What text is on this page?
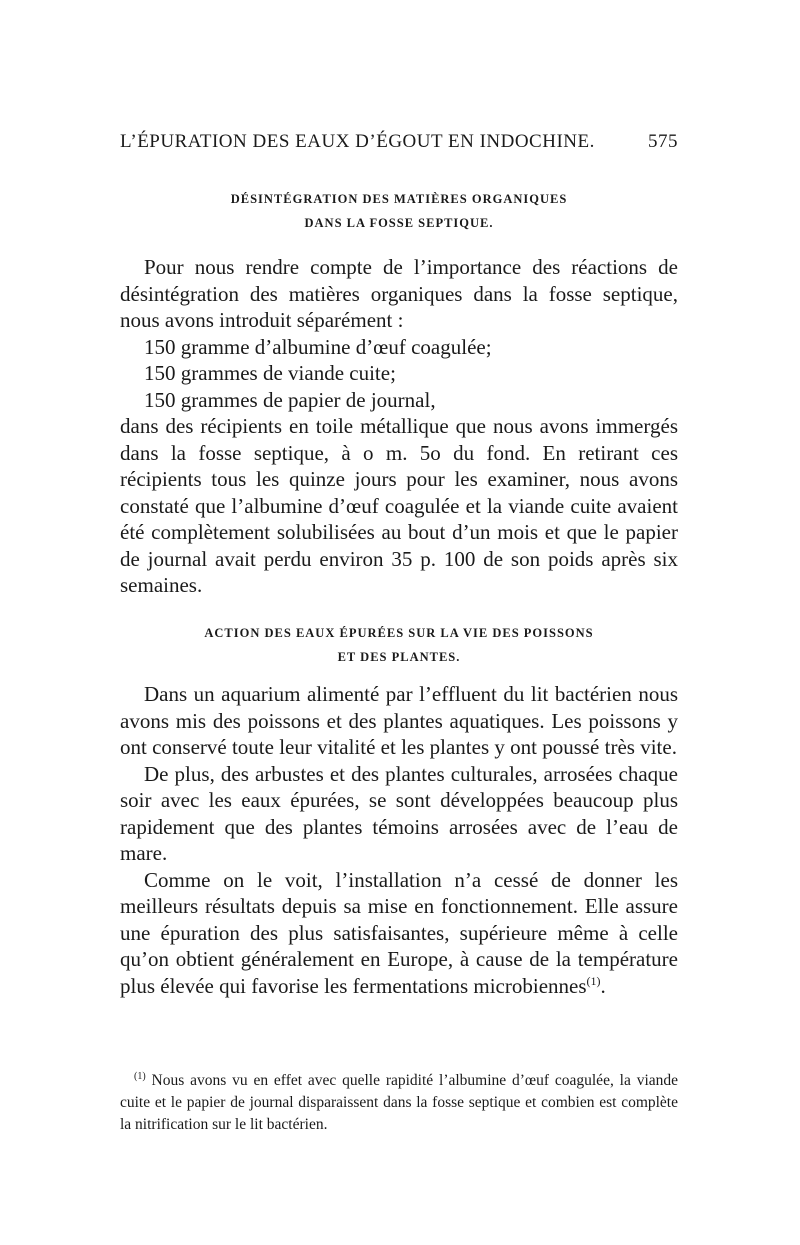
L’ÉPURATION DES EAUX D’ÉGOUT EN INDOCHINE.	575
DÉSINTÉGRATION DES MATIÈRES ORGANIQUES
DANS LA FOSSE SEPTIQUE.

Pour nous rendre compte de l’importance des réactions de désintégration des matières organiques dans la fosse septique, nous avons introduit séparément :

150 gramme d’albumine d’œuf coagulée;

150 grammes de viande cuite;

150 grammes de papier de journal,

dans des récipients en toile métallique que nous avons immergés dans la fosse septique, à o m. 5o du fond. En retirant ces récipients tous les quinze jours pour les examiner, nous avons constaté que l’albumine d’œuf coagulée et la viande cuite avaient été complètement solubilisées au bout d’un mois et que le papier de journal avait perdu environ 35 p. 100 de son poids après six semaines.

ACTION DES EAUX ÉPURÉES SUR LA VIE DES POISSONS
ET DES PLANTES.

Dans un aquarium alimenté par l’effluent du lit bactérien nous avons mis des poissons et des plantes aquatiques. Les poissons y ont conservé toute leur vitalité et les plantes y ont poussé très vite.

De plus, des arbustes et des plantes culturales, arrosées chaque soir avec les eaux épurées, se sont développées beaucoup plus rapidement que des plantes témoins arrosées avec de l’eau de mare.

Comme on le voit, l’installation n’a cessé de donner les meilleurs résultats depuis sa mise en fonctionnement. Elle assure une épuration des plus satisfaisantes, supérieure même à celle qu’on obtient généralement en Europe, à cause de la température plus élevée qui favorise les fermentations microbiennes$^{(1)}$.

$^{(1)}$ Nous avons vu en effet avec quelle rapidité l’albumine d’œuf coagulée, la viande cuite et le papier de journal disparaissent dans la fosse septique et combien est complète la nitrification sur le lit bactérien.
